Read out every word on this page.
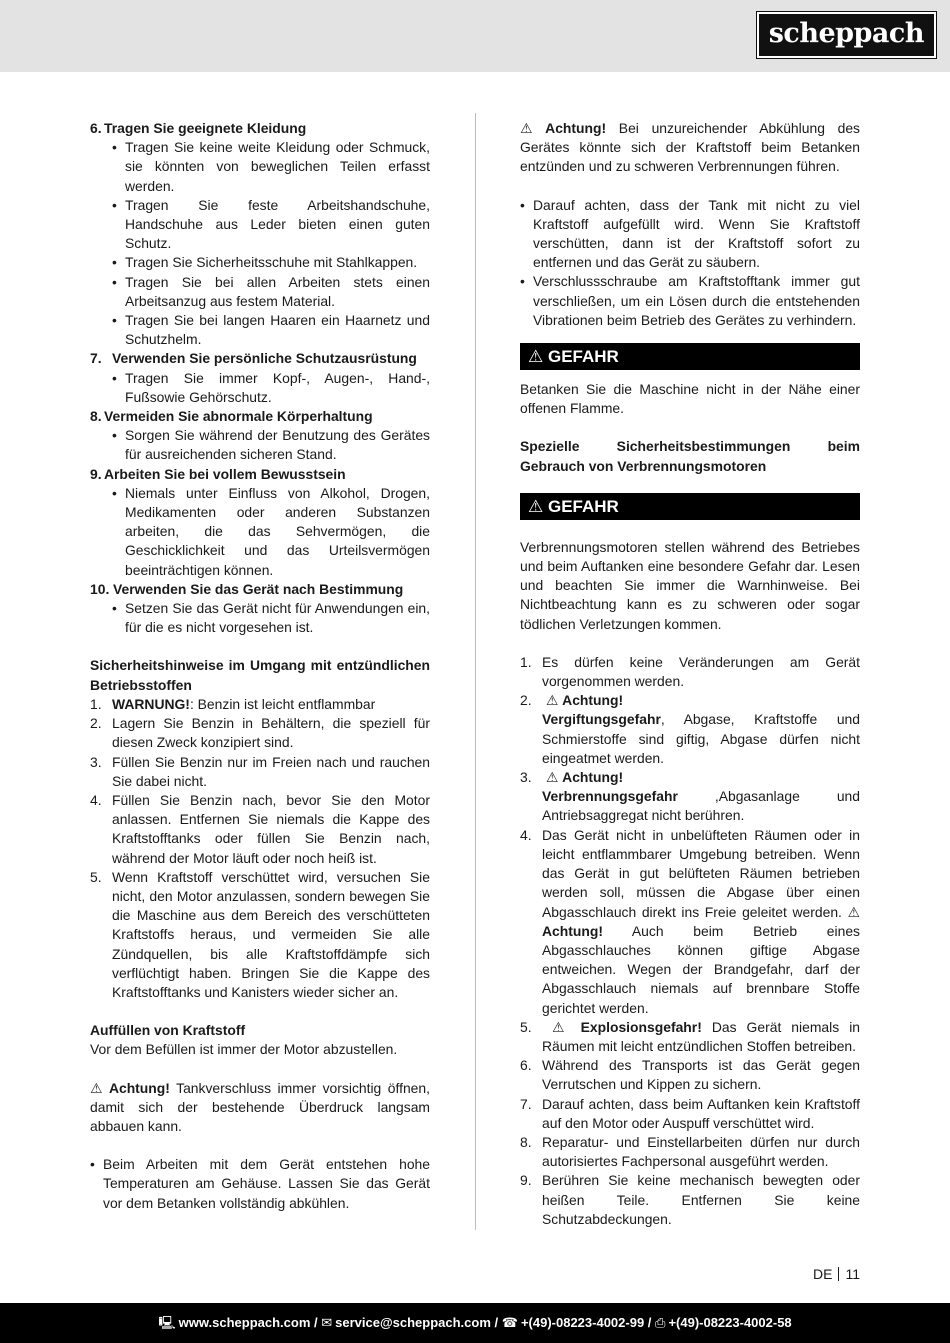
scheppach
6. Tragen Sie geeignete Kleidung
• Tragen Sie keine weite Kleidung oder Schmuck, sie könnten von beweglichen Teilen erfasst werden.
• Tragen Sie feste Arbeitshandschuhe, Handschuhe aus Leder bieten einen guten Schutz.
• Tragen Sie Sicherheitsschuhe mit Stahlkappen.
• Tragen Sie bei allen Arbeiten stets einen Arbeitsanzug aus festem Material.
• Tragen Sie bei langen Haaren ein Haarnetz und Schutzhelm.
7. Verwenden Sie persönliche Schutzausrüstung
• Tragen Sie immer Kopf-, Augen-, Hand-, Fußsowie Gehörschutz.
8. Vermeiden Sie abnormale Körperhaltung
• Sorgen Sie während der Benutzung des Gerätes für ausreichenden sicheren Stand.
9. Arbeiten Sie bei vollem Bewusstsein
• Niemals unter Einfluss von Alkohol, Drogen, Medikamenten oder anderen Substanzen arbeiten, die das Sehvermögen, die Geschicklichkeit und das Urteilsvermögen beeinträchtigen können.
10. Verwenden Sie das Gerät nach Bestimmung
• Setzen Sie das Gerät nicht für Anwendungen ein, für die es nicht vorgesehen ist.

Sicherheitshinweise im Umgang mit entzündlichen Betriebsstoffen

1. WARNUNG!: Benzin ist leicht entflammbar
2. Lagern Sie Benzin in Behältern, die speziell für diesen Zweck konzipiert sind.
3. Füllen Sie Benzin nur im Freien nach und rauchen Sie dabei nicht.
4. Füllen Sie Benzin nach, bevor Sie den Motor anlassen. Entfernen Sie niemals die Kappe des Kraftstofftanks oder füllen Sie Benzin nach, während der Motor läuft oder noch heiß ist.
5. Wenn Kraftstoff verschüttet wird, versuchen Sie nicht, den Motor anzulassen, sondern bewegen Sie die Maschine aus dem Bereich des verschütteten Kraftstoffs heraus, und vermeiden Sie alle Zündquellen, bis alle Kraftstoffdämpfe sich verflüchtigt haben. Bringen Sie die Kappe des Kraftstofftanks und Kanisters wieder sicher an.

Auffüllen von Kraftstoff

Vor dem Befüllen ist immer der Motor abzustellen.

⚠ Achtung! Tankverschluss immer vorsichtig öffnen, damit sich der bestehende Überdruck langsam abbauen kann.

• Beim Arbeiten mit dem Gerät entstehen hohe Temperaturen am Gehäuse. Lassen Sie das Gerät vor dem Betanken vollständig abkühlen.

⚠ Achtung! Bei unzureichender Abkühlung des Gerätes könnte sich der Kraftstoff beim Betanken entzünden und zu schweren Verbrennungen führen.

• Darauf achten, dass der Tank mit nicht zu viel Kraftstoff aufgefüllt wird. Wenn Sie Kraftstoff verschütten, dann ist der Kraftstoff sofort zu entfernen und das Gerät zu säubern.
• Verschlussschraube am Kraftstofftank immer gut verschließen, um ein Lösen durch die entstehenden Vibrationen beim Betrieb des Gerätes zu verhindern.
⚠ GEFAHR

Betanken Sie die Maschine nicht in der Nähe einer offenen Flamme.

Spezielle Sicherheitsbestimmungen beim Gebrauch von Verbrennungsmotoren

⚠ GEFAHR

Verbrennungsmotoren stellen während des Betriebes und beim Auftanken eine besondere Gefahr dar. Lesen und beachten Sie immer die Warnhinweise. Bei Nichtbeachtung kann es zu schweren oder sogar tödlichen Verletzungen kommen.

1. Es dürfen keine Veränderungen am Gerät vorgenommen werden.
2. ⚠ Achtung!
Vergiftungsgefahr, Abgase, Kraftstoffe und Schmierstoffe sind giftig, Abgase dürfen nicht eingeatmet werden.
3. ⚠ Achtung!
Verbrennungsgefahr ,Abgasanlage und Antriebsaggregat nicht berühren.
4. Das Gerät nicht in unbelüfteten Räumen oder in leicht entflammbarer Umgebung betreiben. Wenn das Gerät in gut belüfteten Räumen betrieben werden soll, müssen die Abgase über einen Abgasschlauch direkt ins Freie geleitet werden. ⚠ Achtung! Auch beim Betrieb eines Abgasschlauches können giftige Abgase entweichen. Wegen der Brandgefahr, darf der Abgasschlauch niemals auf brennbare Stoffe gerichtet werden.
5. ⚠ Explosionsgefahr! Das Gerät niemals in Räumen mit leicht entzündlichen Stoffen betreiben.
6. Während des Transports ist das Gerät gegen Verrutschen und Kippen zu sichern.
7. Darauf achten, dass beim Auftanken kein Kraftstoff auf den Motor oder Auspuff verschüttet wird.
8. Reparatur- und Einstellarbeiten dürfen nur durch autorisiertes Fachpersonal ausgeführt werden.
9. Berühren Sie keine mechanisch bewegten oder heißen Teile. Entfernen Sie keine Schutzabdeckungen.
DE 11
🖳 www.scheppach.com / ✉ service@scheppach.com / ☎ +(49)-08223-4002-99 / ⎙ +(49)-08223-4002-58
